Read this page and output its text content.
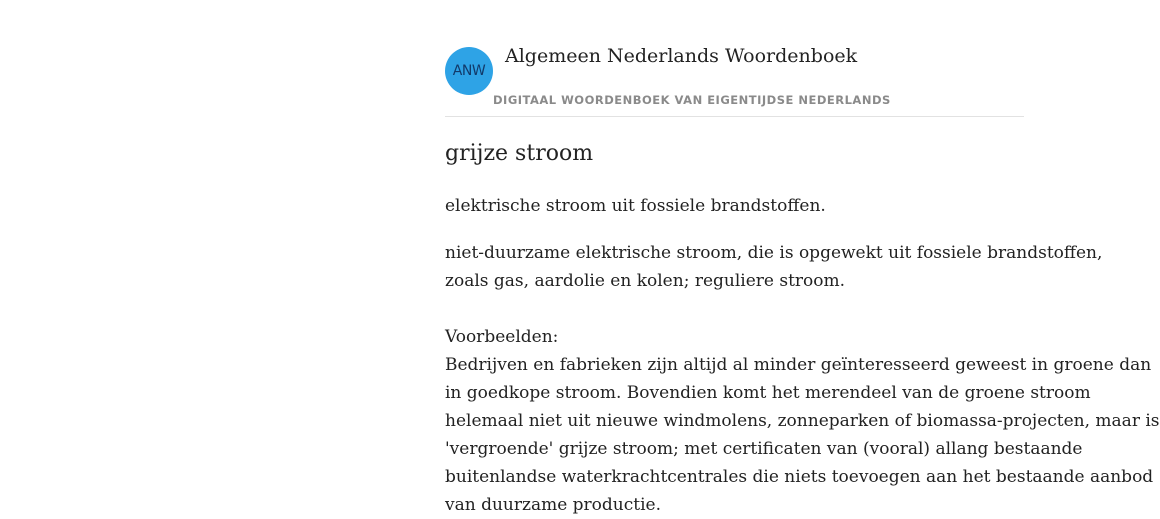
ANW
Algemeen Nederlands Woordenboek
DIGITAAL WOORDENBOEK VAN EIGENTIJDSE NEDERLANDS
grijze stroom
elektrische stroom uit fossiele brandstoffen.
niet-duurzame elektrische stroom, die is opgewekt uit fossiele brandstoffen,
zoals gas, aardolie en kolen; reguliere stroom.
Voorbeelden:
Bedrijven en fabrieken zijn altijd al minder geïnteresseerd geweest in groene dan
in goedkope stroom. Bovendien komt het merendeel van de groene stroom
helemaal niet uit nieuwe windmolens, zonneparken of biomassa-projecten, maar is
'vergroende' grijze stroom; met certificaten van (vooral) allang bestaande
buitenlandse waterkrachtcentrales die niets toevoegen aan het bestaande aanbod
van duurzame productie.
